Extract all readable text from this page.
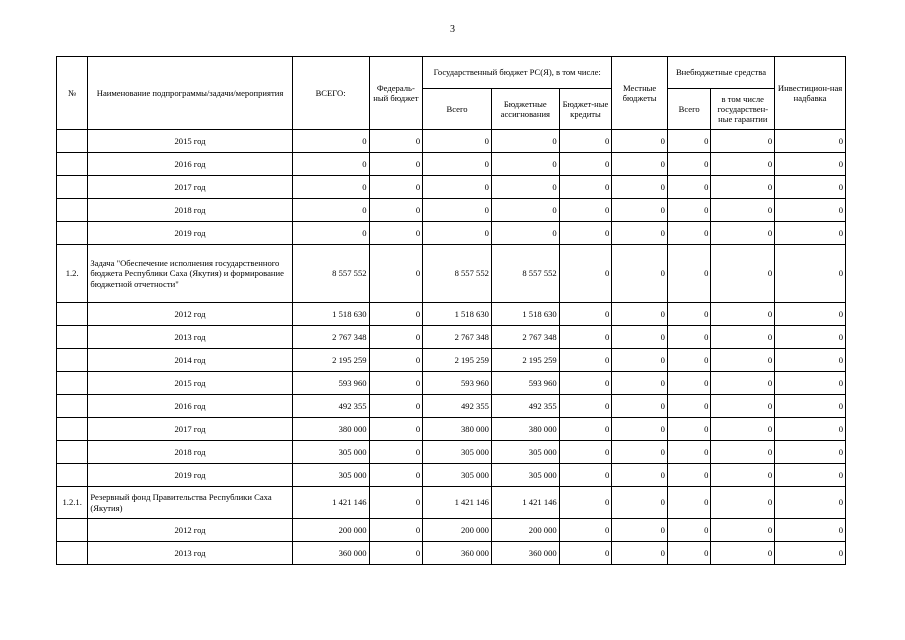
3
№	Наименование подпрограммы/задачи/мероприятия	ВСЕГО:	Федераль-ный бюджет	Государственный бюджет РС(Я), в том числе:			Местные бюджеты	Внебюджетные средства		Инвестицион-ная надбавка
				Всего	Бюджетные ассигнования	Бюджет-ные кредиты		Всего	в том числе государствен-ные гарантии	
	2015 год	0	0	0	0	0	0	0	0	0
	2016 год	0	0	0	0	0	0	0	0	0
	2017 год	0	0	0	0	0	0	0	0	0
	2018 год	0	0	0	0	0	0	0	0	0
	2019 год	0	0	0	0	0	0	0	0	0
1.2.	Задача "Обеспечение исполнения государственного бюджета Республики Саха (Якутия) и формирование бюджетной отчетности"	8 557 552	0	8 557 552	8 557 552	0	0	0	0	0
	2012 год	1 518 630	0	1 518 630	1 518 630	0	0	0	0	0
	2013 год	2 767 348	0	2 767 348	2 767 348	0	0	0	0	0
	2014 год	2 195 259	0	2 195 259	2 195 259	0	0	0	0	0
	2015 год	593 960	0	593 960	593 960	0	0	0	0	0
	2016 год	492 355	0	492 355	492 355	0	0	0	0	0
	2017 год	380 000	0	380 000	380 000	0	0	0	0	0
	2018 год	305 000	0	305 000	305 000	0	0	0	0	0
	2019 год	305 000	0	305 000	305 000	0	0	0	0	0
1.2.1.	Резервный фонд Правительства Республики Саха (Якутия)	1 421 146	0	1 421 146	1 421 146	0	0	0	0	0
	2012 год	200 000	0	200 000	200 000	0	0	0	0	0
	2013 год	360 000	0	360 000	360 000	0	0	0	0	0
